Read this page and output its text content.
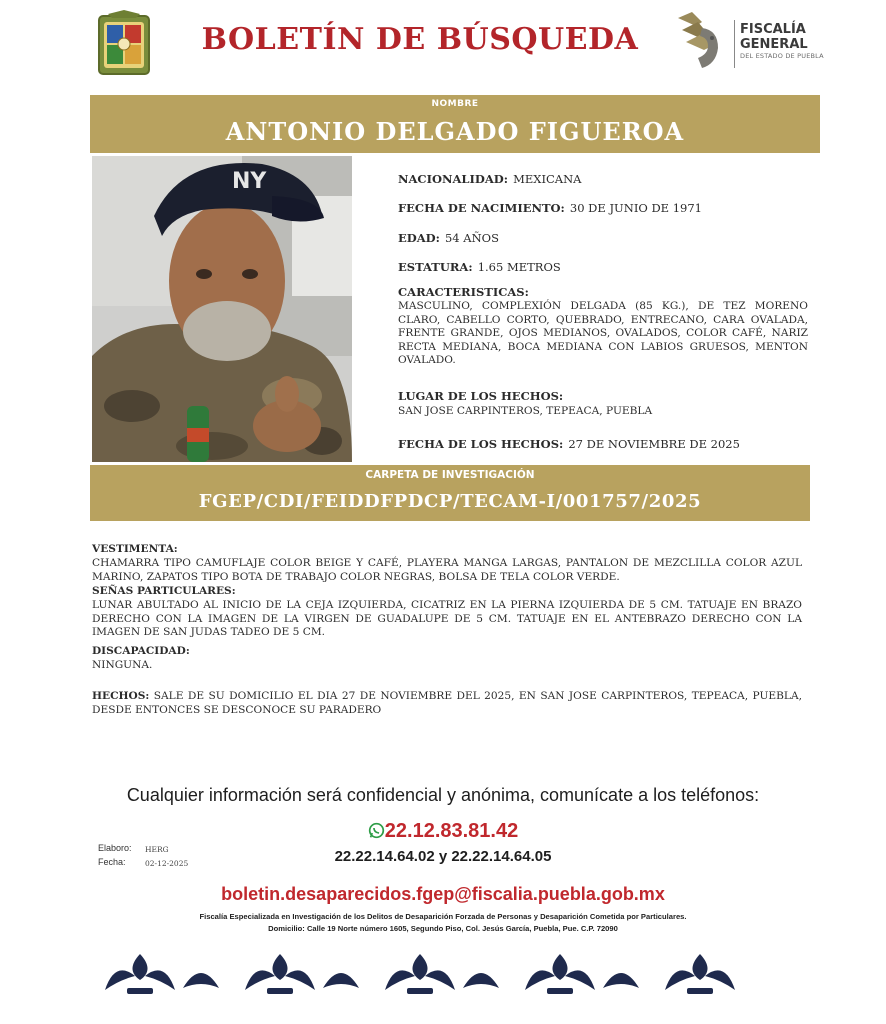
BOLETÍN DE BÚSQUEDA	FISCALÍA
GENERAL
DEL ESTADO DE PUEBLA
NOMBRE
ANTONIO DELGADO FIGUEROA
NY	NACIONALIDAD: MEXICANA
FECHA DE NACIMIENTO: 30 DE JUNIO DE 1971
EDAD: 54 AÑOS
ESTATURA: 1.65 METROS
CARACTERISTICAS:
MASCULINO, COMPLEXIÓN DELGADA (85 KG.), DE TEZ MORENO CLARO, CABELLO CORTO, QUEBRADO, ENTRECANO, CARA OVALADA, FRENTE GRANDE, OJOS MEDIANOS, OVALADOS, COLOR CAFÉ, NARIZ RECTA MEDIANA, BOCA MEDIANA CON LABIOS GRUESOS, MENTON OVALADO.
LUGAR DE LOS HECHOS:
SAN JOSE CARPINTEROS, TEPEACA, PUEBLA
FECHA DE LOS HECHOS: 27 DE NOVIEMBRE DE 2025
CARPETA DE INVESTIGACIÓN
FGEP/CDI/FEIDDFPDCP/TECAM-I/001757/2025
VESTIMENTA:
CHAMARRA TIPO CAMUFLAJE COLOR BEIGE Y CAFÉ, PLAYERA MANGA LARGAS, PANTALON DE MEZCLILLA COLOR AZUL MARINO, ZAPATOS TIPO BOTA DE TRABAJO COLOR NEGRAS, BOLSA DE TELA COLOR VERDE.
SEÑAS PARTICULARES:
LUNAR ABULTADO AL INICIO DE LA CEJA IZQUIERDA, CICATRIZ EN LA PIERNA IZQUIERDA DE 5 CM. TATUAJE EN BRAZO DERECHO CON LA IMAGEN DE LA VIRGEN DE GUADALUPE DE 5 CM. TATUAJE EN EL ANTEBRAZO DERECHO CON LA IMAGEN DE SAN JUDAS TADEO DE 5 CM.
DISCAPACIDAD:
NINGUNA.
HECHOS: SALE DE SU DOMICILIO EL DIA 27 DE NOVIEMBRE DEL 2025, EN SAN JOSE CARPINTEROS, TEPEACA, PUEBLA, DESDE ENTONCES SE DESCONOCE SU PARADERO
Cualquier información será confidencial y anónima, comunícate a los teléfonos:
22.12.83.81.42
22.22.14.64.02 y 22.22.14.64.05
Elaboro: HERG
Fecha:	02-12-2025
boletin.desaparecidos.fgep@fiscalia.puebla.gob.mx
Fiscalía Especializada en Investigación de los Delitos de Desaparición Forzada de Personas y Desaparición Cometida por Particulares.
Domicilio: Calle 19 Norte número 1605, Segundo Piso, Col. Jesús García, Puebla, Pue. C.P. 72090
